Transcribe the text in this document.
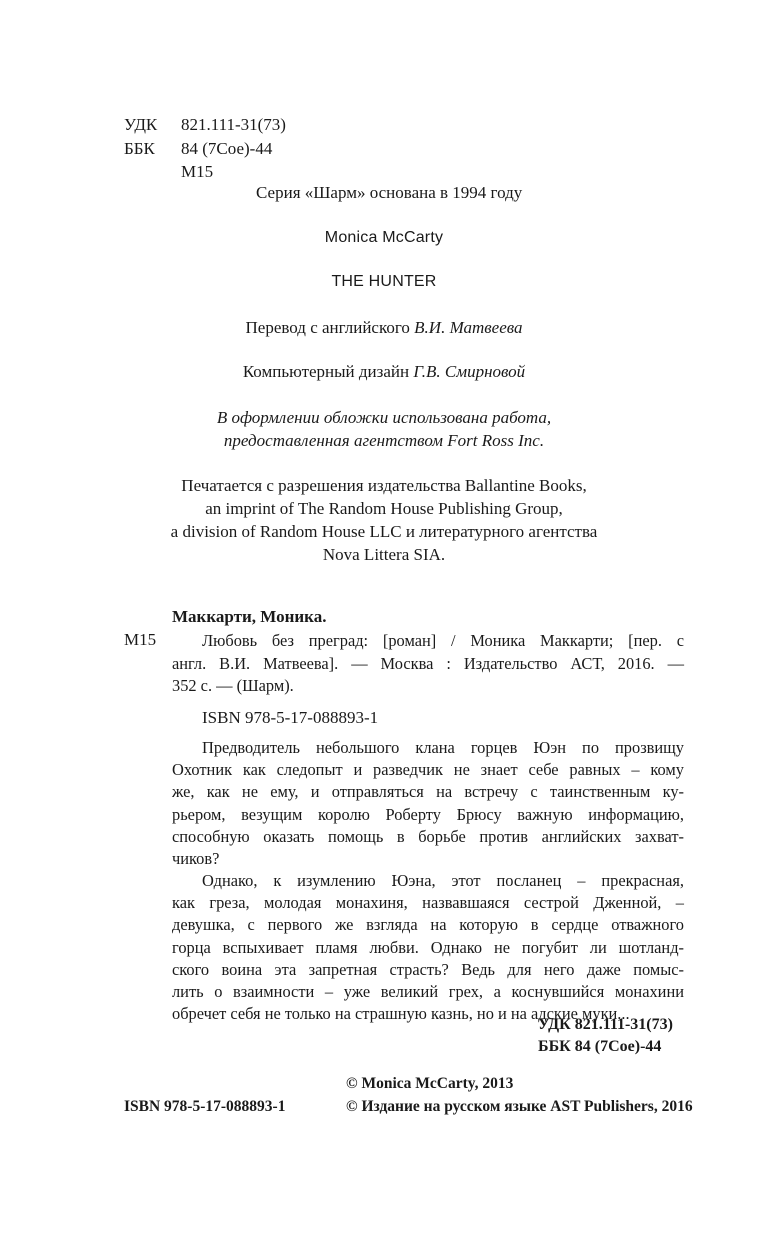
УДК 821.111-31(73)
ББК 84 (7Сое)-44
М15
Серия «Шарм» основана в 1994 году
Monica McCarty
THE HUNTER
Перевод с английского В.И. Матвеева
Компьютерный дизайн Г.В. Смирновой
В оформлении обложки использована работа,
предоставленная агентством Fort Ross Inc.
Печатается с разрешения издательства Ballantine Books,
an imprint of The Random House Publishing Group,
a division of Random House LLC и литературного агентства
Nova Littera SIA.
Маккарти, Моника.
М15	Любовь без преград: [роман] / Моника Маккарти; [пер. с
англ. В.И. Матвеева]. — Москва : Издательство АСТ, 2016. —
352 с. — (Шарм).
ISBN 978-5-17-088893-1
Предводитель небольшого клана горцев Юэн по прозвищу
Охотник как следопыт и разведчик не знает себе равных – кому
же, как не ему, и отправляться на встречу с таинственным ку-
рьером, везущим королю Роберту Брюсу важную информацию,
способную оказать помощь в борьбе против английских захват-
чиков?
Однако, к изумлению Юэна, этот посланец – прекрасная,
как греза, молодая монахиня, назвавшаяся сестрой Дженной, –
девушка, с первого же взгляда на которую в сердце отважного
горца вспыхивает пламя любви. Однако не погубит ли шотланд-
ского воина эта запретная страсть? Ведь для него даже помыс-
лить о взаимности – уже великий грех, а коснувшийся монахини
обречет себя не только на страшную казнь, но и на адские муки...
УДК 821.111-31(73)
ББК 84 (7Сое)-44
© Monica McCarty, 2013
ISBN 978-5-17-088893-1	© Издание на русском языке AST Publishers, 2016
